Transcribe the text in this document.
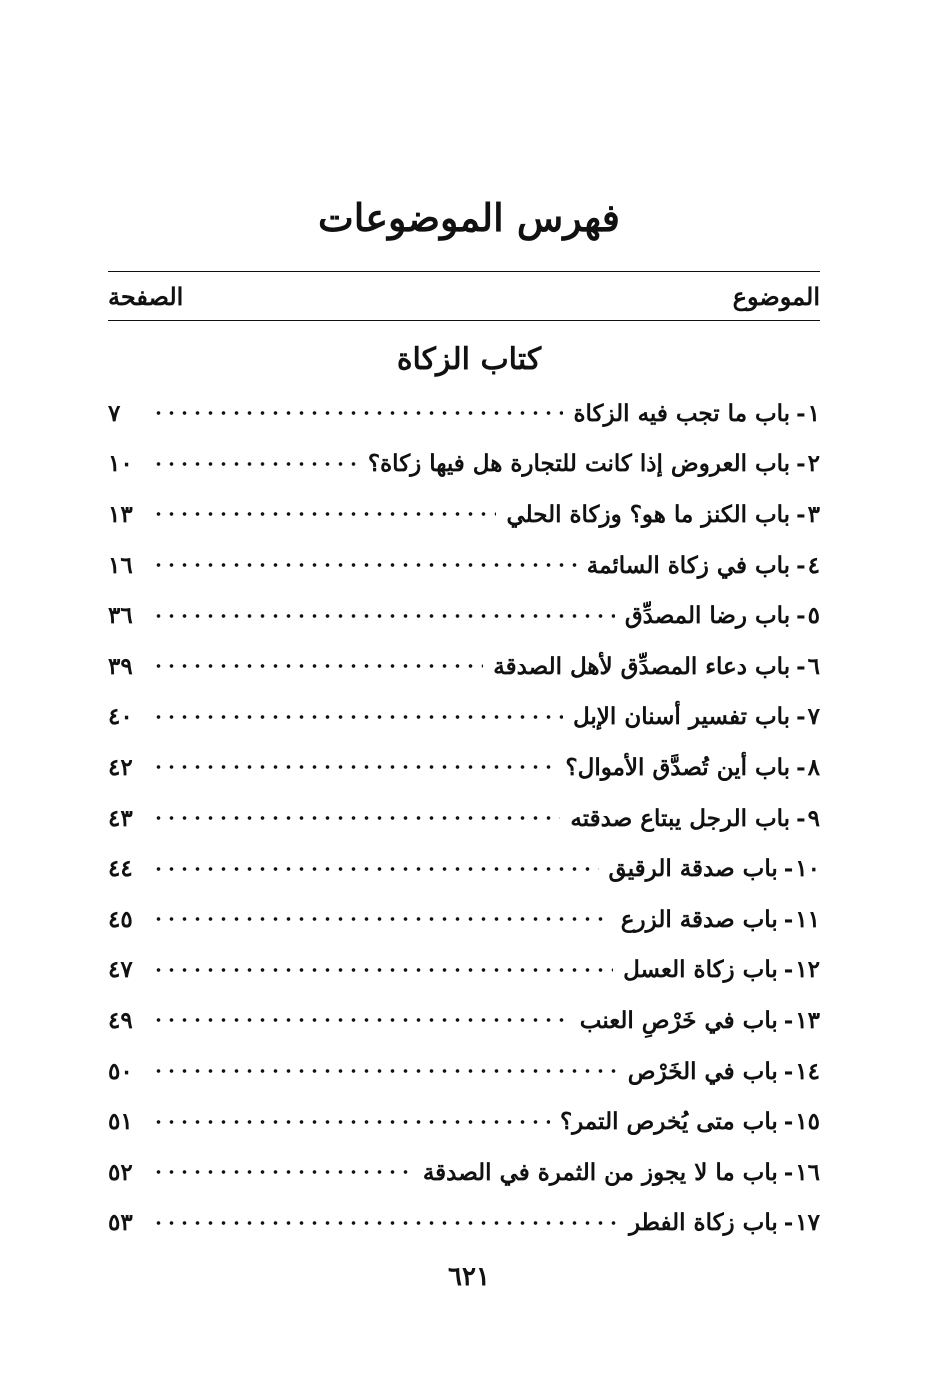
فهرس الموضوعات
الموضوع
الصفحة
كتاب الزكاة
١
-
باب ما تجب فيه الزكاة
٧
٢
-
باب العروض إذا كانت للتجارة هل فيها زكاة؟
١٠
٣
-
باب الكنز ما هو؟ وزكاة الحلي
١٣
٤
-
باب في زكاة السائمة
١٦
٥
-
باب رضا المصدِّق
٣٦
٦
-
باب دعاء المصدِّق لأهل الصدقة
٣٩
٧
-
باب تفسير أسنان الإبل
٤٠
٨
-
باب أين تُصدَّق الأموال؟
٤٢
٩
-
باب الرجل يبتاع صدقته
٤٣
١٠
-
باب صدقة الرقيق
٤٤
١١
-
باب صدقة الزرع
٤٥
١٢
-
باب زكاة العسل
٤٧
١٣
-
باب في خَرْصِ العنب
٤٩
١٤
-
باب في الخَرْص
٥٠
١٥
-
باب متى يُخرص التمر؟
٥١
١٦
-
باب ما لا يجوز من الثمرة في الصدقة
٥٢
١٧
-
باب زكاة الفطر
٥٣
٦٢١
